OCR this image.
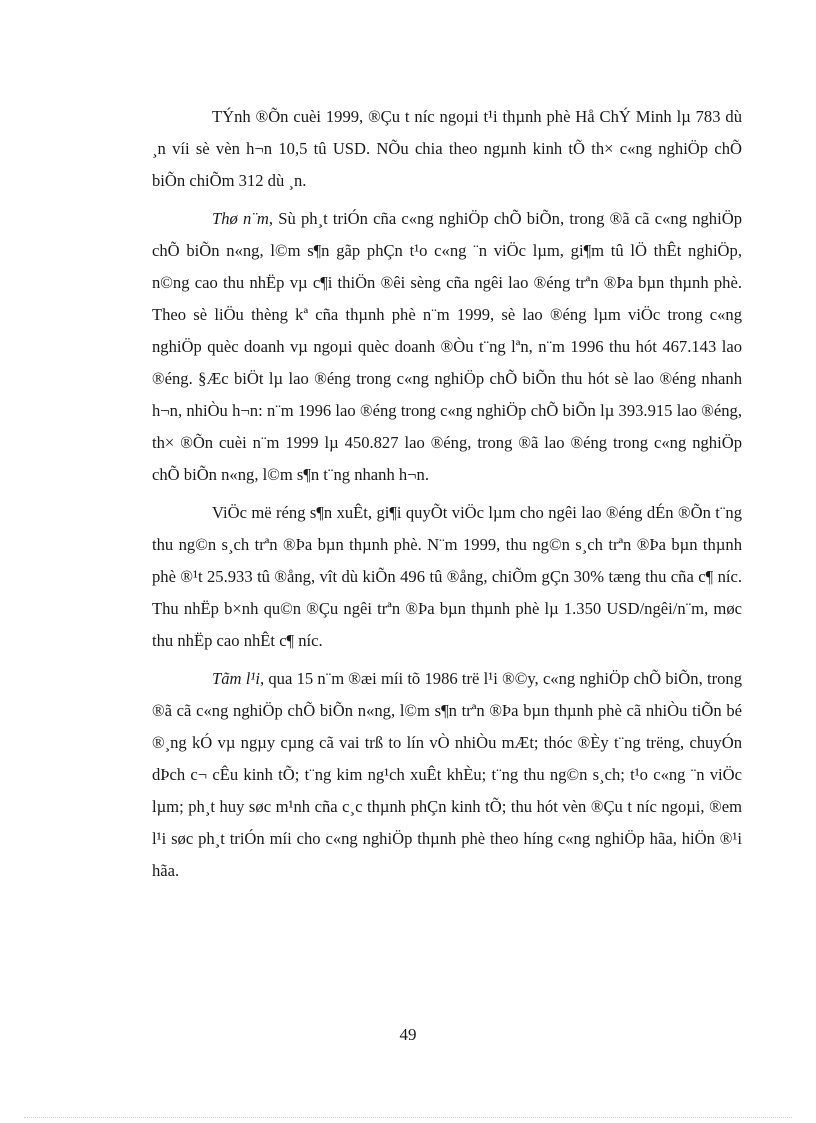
TÝnh ®Õn cuèi 1999, ®Çu t níc ngoµi t¹i thµnh phè Hå ChÝ Minh lµ 783 dù ¸n víi sè vèn h¬n 10,5 tû USD. NÕu chia theo ngµnh kinh tÕ th× c«ng nghiÖp chÕ biÕn chiÕm 312 dù ¸n.

Thø n¨m, Sù ph¸t triÓn cña c«ng nghiÖp chÕ biÕn, trong ®ã cã c«ng nghiÖp chÕ biÕn n«ng, l©m s¶n gãp phÇn t¹o c«ng ¨n viÖc lµm, gi¶m tû lÖ thÊt nghiÖp, n©ng cao thu nhËp vµ c¶i thiÖn ®êi sèng cña ngêi lao ®éng trªn ®Þa bµn thµnh phè. Theo sè liÖu thèng kª cña thµnh phè n¨m 1999, sè lao ®éng lµm viÖc trong c«ng nghiÖp quèc doanh vµ ngoµi quèc doanh ®Òu t¨ng lªn, n¨m 1996 thu hót 467.143 lao ®éng. §Æc biÖt lµ lao ®éng trong c«ng nghiÖp chÕ biÕn thu hót sè lao ®éng nhanh h¬n, nhiÒu h¬n: n¨m 1996 lao ®éng trong c«ng nghiÖp chÕ biÕn lµ 393.915 lao ®éng, th× ®Õn cuèi n¨m 1999 lµ 450.827 lao ®éng, trong ®ã lao ®éng trong c«ng nghiÖp chÕ biÕn n«ng, l©m s¶n t¨ng nhanh h¬n.

ViÖc më réng s¶n xuÊt, gi¶i quyÕt viÖc lµm cho ngêi lao ®éng dÉn ®Õn t¨ng thu ng©n s¸ch trªn ®Þa bµn thµnh phè. N¨m 1999, thu ng©n s¸ch trªn ®Þa bµn thµnh phè ®¹t 25.933 tû ®ång, vît dù kiÕn 496 tû ®ång, chiÕm gÇn 30% tæng thu cña c¶ níc. Thu nhËp b×nh qu©n ®Çu ngêi trªn ®Þa bµn thµnh phè lµ 1.350 USD/ngêi/n¨m, møc thu nhËp cao nhÊt c¶ níc.

Tãm l¹i, qua 15 n¨m ®æi míi tõ 1986 trë l¹i ®©y, c«ng nghiÖp chÕ biÕn, trong ®ã cã c«ng nghiÖp chÕ biÕn n«ng, l©m s¶n trªn ®Þa bµn thµnh phè cã nhiÒu tiÕn bé ®¸ng kÓ vµ ngµy cµng cã vai trß to lín vÒ nhiÒu mÆt; thóc ®Èy t¨ng trëng, chuyÓn dÞch c¬ cÊu kinh tÕ; t¨ng kim ng¹ch xuÊt khÈu; t¨ng thu ng©n s¸ch; t¹o c«ng ¨n viÖc lµm; ph¸t huy søc m¹nh cña c¸c thµnh phÇn kinh tÕ; thu hót vèn ®Çu t níc ngoµi, ®em l¹i søc ph¸t triÓn míi cho c«ng nghiÖp thµnh phè theo híng c«ng nghiÖp hãa, hiÖn ®¹i hãa.

49
